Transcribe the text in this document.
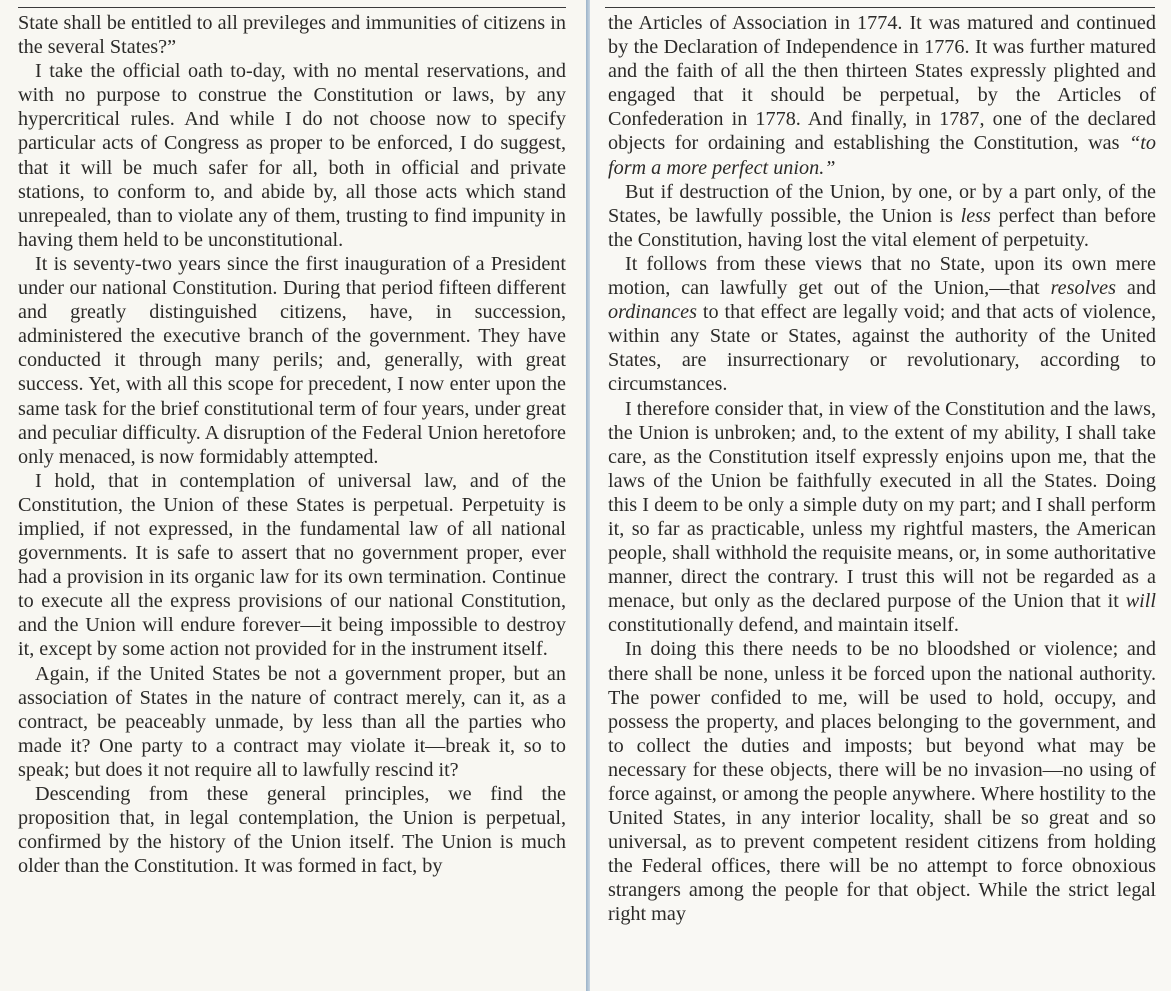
State shall be entitled to all previleges and immunities of citizens in the several States?”

I take the official oath to-day, with no mental reservations, and with no purpose to construe the Constitution or laws, by any hypercritical rules. And while I do not choose now to specify particular acts of Congress as proper to be enforced, I do suggest, that it will be much safer for all, both in official and private stations, to conform to, and abide by, all those acts which stand unrepealed, than to violate any of them, trusting to find impunity in having them held to be unconstitutional.

It is seventy-two years since the first inauguration of a President under our national Constitution. During that period fifteen different and greatly distinguished citizens, have, in succession, administered the executive branch of the government. They have conducted it through many perils; and, generally, with great success. Yet, with all this scope for precedent, I now enter upon the same task for the brief constitutional term of four years, under great and peculiar difficulty. A disruption of the Federal Union heretofore only menaced, is now formidably attempted.

I hold, that in contemplation of universal law, and of the Constitution, the Union of these States is perpetual. Perpetuity is implied, if not expressed, in the fundamental law of all national governments. It is safe to assert that no government proper, ever had a provision in its organic law for its own termination. Continue to execute all the express provisions of our national Constitution, and the Union will endure forever—it being impossible to destroy it, except by some action not provided for in the instrument itself.

Again, if the United States be not a government proper, but an association of States in the nature of contract merely, can it, as a contract, be peaceably unmade, by less than all the parties who made it? One party to a contract may violate it—break it, so to speak; but does it not require all to lawfully rescind it?

Descending from these general principles, we find the proposition that, in legal contemplation, the Union is perpetual, confirmed by the history of the Union itself. The Union is much older than the Constitution. It was formed in fact, by

the Articles of Association in 1774. It was matured and continued by the Declaration of Independence in 1776. It was further matured and the faith of all the then thirteen States expressly plighted and engaged that it should be perpetual, by the Articles of Confederation in 1778. And finally, in 1787, one of the declared objects for ordaining and establishing the Constitution, was “to form a more perfect union.”

But if destruction of the Union, by one, or by a part only, of the States, be lawfully possible, the Union is less perfect than before the Constitution, having lost the vital element of perpetuity.

It follows from these views that no State, upon its own mere motion, can lawfully get out of the Union,—that resolves and ordinances to that effect are legally void; and that acts of violence, within any State or States, against the authority of the United States, are insurrectionary or revolutionary, according to circumstances.

I therefore consider that, in view of the Constitution and the laws, the Union is unbroken; and, to the extent of my ability, I shall take care, as the Constitution itself expressly enjoins upon me, that the laws of the Union be faithfully executed in all the States. Doing this I deem to be only a simple duty on my part; and I shall perform it, so far as practicable, unless my rightful masters, the American people, shall withhold the requisite means, or, in some authoritative manner, direct the contrary. I trust this will not be regarded as a menace, but only as the declared purpose of the Union that it will constitutionally defend, and maintain itself.

In doing this there needs to be no bloodshed or violence; and there shall be none, unless it be forced upon the national authority. The power confided to me, will be used to hold, occupy, and possess the property, and places belonging to the government, and to collect the duties and imposts; but beyond what may be necessary for these objects, there will be no invasion—no using of force against, or among the people anywhere. Where hostility to the United States, in any interior locality, shall be so great and so universal, as to prevent competent resident citizens from holding the Federal offices, there will be no attempt to force obnoxious strangers among the people for that object. While the strict legal right may
